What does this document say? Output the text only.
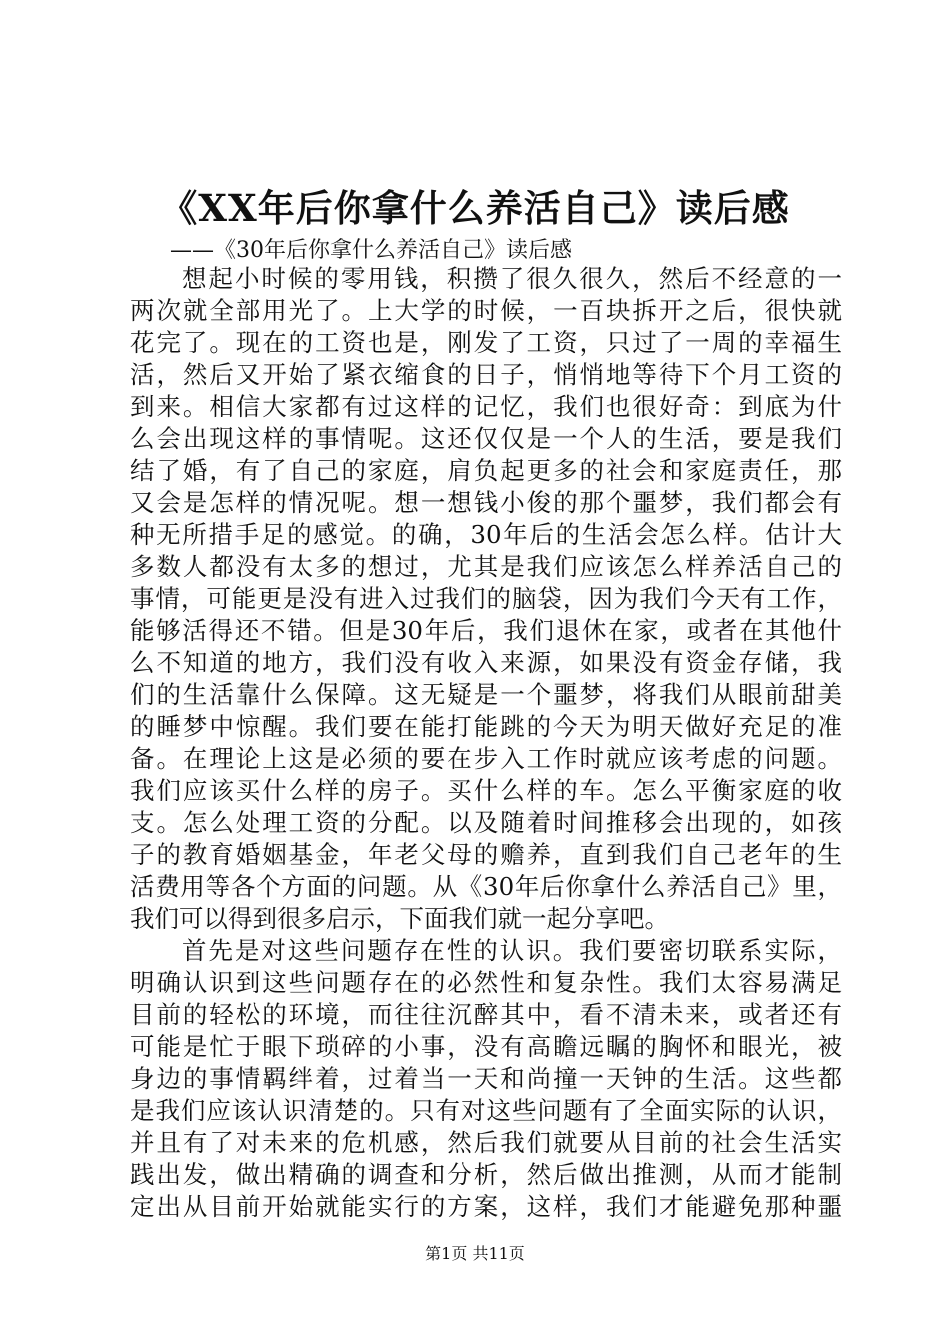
《XX年后你拿什么养活自己》读后感

——《30年后你拿什么养活自己》读后感

想起小时候的零用钱，积攒了很久很久，然后不经意的一

两次就全部用光了。上大学的时候，一百块拆开之后，很快就

花完了。现在的工资也是，刚发了工资，只过了一周的幸福生

活，然后又开始了紧衣缩食的日子，悄悄地等待下个月工资的

到来。相信大家都有过这样的记忆，我们也很好奇：到底为什

么会出现这样的事情呢。这还仅仅是一个人的生活，要是我们

结了婚，有了自己的家庭，肩负起更多的社会和家庭责任，那

又会是怎样的情况呢。想一想钱小俊的那个噩梦，我们都会有

种无所措手足的感觉。的确，30年后的生活会怎么样。估计大

多数人都没有太多的想过，尤其是我们应该怎么样养活自己的

事情，可能更是没有进入过我们的脑袋，因为我们今天有工作，

能够活得还不错。但是30年后，我们退休在家，或者在其他什

么不知道的地方，我们没有收入来源，如果没有资金存储，我

们的生活靠什么保障。这无疑是一个噩梦，将我们从眼前甜美

的睡梦中惊醒。我们要在能打能跳的今天为明天做好充足的准

备。在理论上这是必须的要在步入工作时就应该考虑的问题。

我们应该买什么样的房子。买什么样的车。怎么平衡家庭的收

支。怎么处理工资的分配。以及随着时间推移会出现的，如孩

子的教育婚姻基金，年老父母的赡养，直到我们自己老年的生

活费用等各个方面的问题。从《30年后你拿什么养活自己》里，

我们可以得到很多启示，下面我们就一起分享吧。

首先是对这些问题存在性的认识。我们要密切联系实际，

明确认识到这些问题存在的必然性和复杂性。我们太容易满足

目前的轻松的环境，而往往沉醉其中，看不清未来，或者还有

可能是忙于眼下琐碎的小事，没有高瞻远瞩的胸怀和眼光，被

身边的事情羁绊着，过着当一天和尚撞一天钟的生活。这些都

是我们应该认识清楚的。只有对这些问题有了全面实际的认识，

并且有了对未来的危机感，然后我们就要从目前的社会生活实

践出发，做出精确的调查和分析，然后做出推测，从而才能制

定出从目前开始就能实行的方案，这样，我们才能避免那种噩

第1页 共11页
